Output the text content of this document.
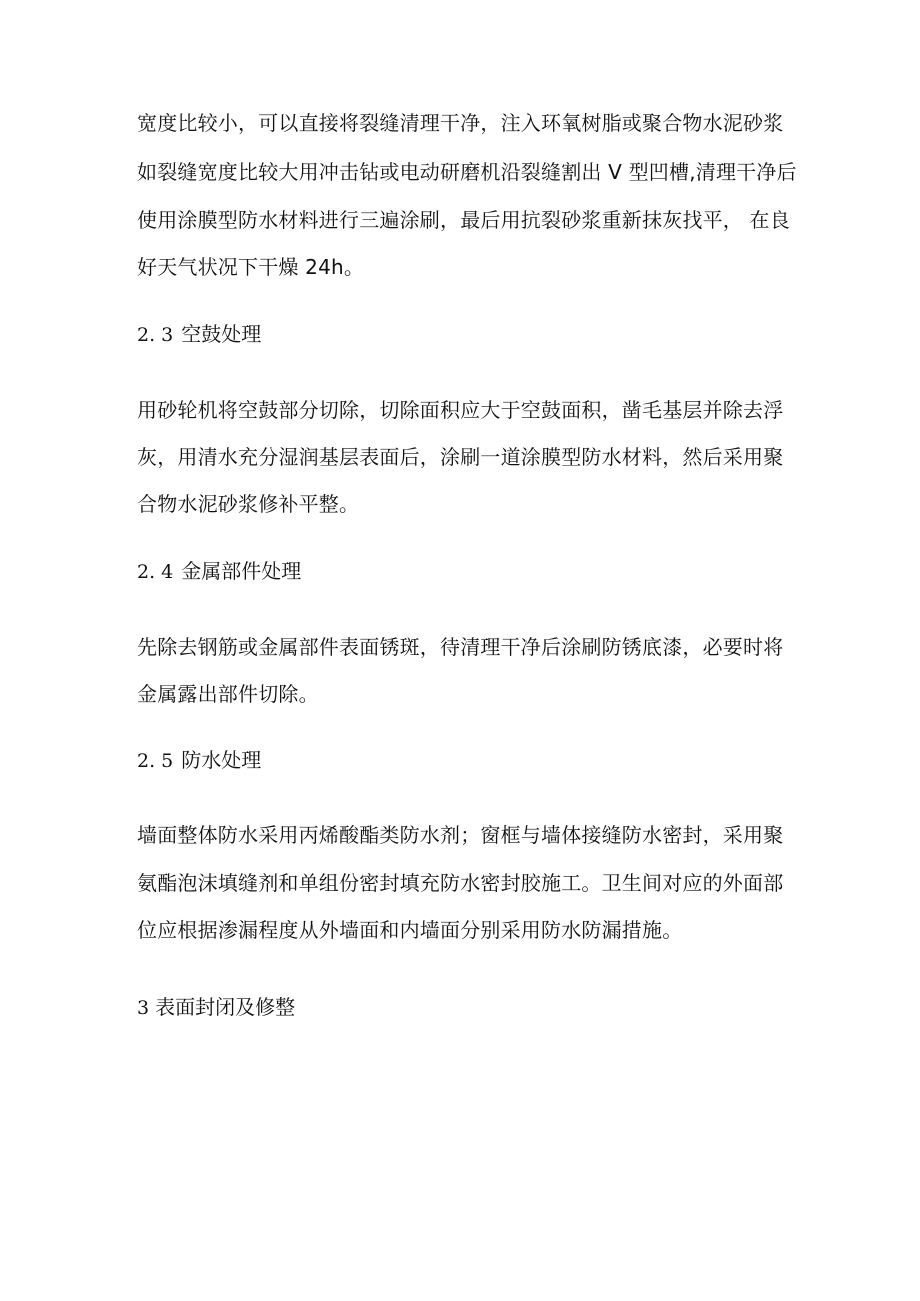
宽度比较小，可以直接将裂缝清理干净，注入环氧树脂或聚合物水泥砂浆
如裂缝宽度比较大用冲击钻或电动研磨机沿裂缝割出 V 型凹槽,清理干净后
使用涂膜型防水材料进行三遍涂刷，最后用抗裂砂浆重新抹灰找平， 在良
好天气状况下干燥 24h。
2. 3 空鼓处理
用砂轮机将空鼓部分切除，切除面积应大于空鼓面积，凿毛基层并除去浮
灰，用清水充分湿润基层表面后，涂刷一道涂膜型防水材料，然后采用聚
合物水泥砂浆修补平整。
2. 4 金属部件处理
先除去钢筋或金属部件表面锈斑，待清理干净后涂刷防锈底漆，必要时将
金属露出部件切除。
2. 5 防水处理
墙面整体防水采用丙烯酸酯类防水剂；窗框与墙体接缝防水密封，采用聚
氨酯泡沫填缝剂和单组份密封填充防水密封胶施工。卫生间对应的外面部
位应根据渗漏程度从外墙面和内墙面分别采用防水防漏措施。
3 表面封闭及修整
